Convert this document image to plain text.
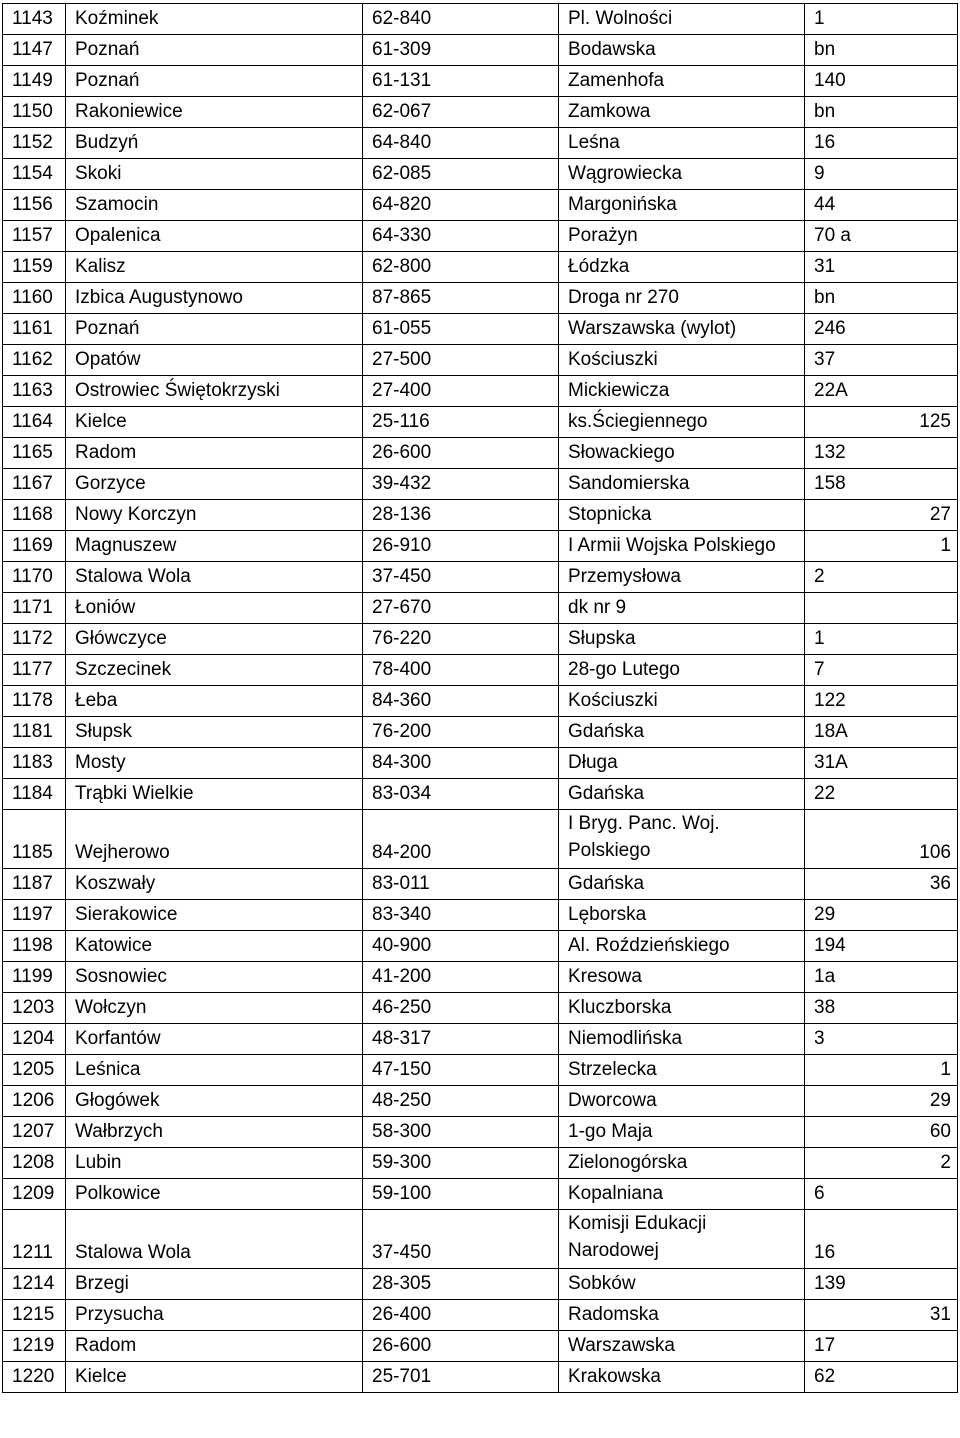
1143	Koźminek	62-840	Pl. Wolności	1
1147	Poznań	61-309	Bodawska	bn
1149	Poznań	61-131	Zamenhofa	140
1150	Rakoniewice	62-067	Zamkowa	bn
1152	Budzyń	64-840	Leśna	16
1154	Skoki	62-085	Wągrowiecka	9
1156	Szamocin	64-820	Margonińska	44
1157	Opalenica	64-330	Porażyn	70 a
1159	Kalisz	62-800	Łódzka	31
1160	Izbica Augustynowo	87-865	Droga nr 270	bn
1161	Poznań	61-055	Warszawska (wylot)	246
1162	Opatów	27-500	Kościuszki	37
1163	Ostrowiec Świętokrzyski	27-400	Mickiewicza	22A
1164	Kielce	25-116	ks.Ściegiennego	125
1165	Radom	26-600	Słowackiego	132
1167	Gorzyce	39-432	Sandomierska	158
1168	Nowy Korczyn	28-136	Stopnicka	27
1169	Magnuszew	26-910	I Armii Wojska Polskiego	1
1170	Stalowa Wola	37-450	Przemysłowa	2
1171	Łoniów	27-670	dk nr 9	
1172	Główczyce	76-220	Słupska	1
1177	Szczecinek	78-400	28-go Lutego	7
1178	Łeba	84-360	Kościuszki	122
1181	Słupsk	76-200	Gdańska	18A
1183	Mosty	84-300	Długa	31A
1184	Trąbki Wielkie	83-034	Gdańska	22
1185	Wejherowo	84-200	I Bryg. Panc. Woj. Polskiego	106
1187	Koszwały	83-011	Gdańska	36
1197	Sierakowice	83-340	Lęborska	29
1198	Katowice	40-900	Al. Roździeńskiego	194
1199	Sosnowiec	41-200	Kresowa	1a
1203	Wołczyn	46-250	Kluczborska	38
1204	Korfantów	48-317	Niemodlińska	3
1205	Leśnica	47-150	Strzelecka	1
1206	Głogówek	48-250	Dworcowa	29
1207	Wałbrzych	58-300	1-go Maja	60
1208	Lubin	59-300	Zielonogórska	2
1209	Polkowice	59-100	Kopalniana	6
1211	Stalowa Wola	37-450	Komisji Edukacji Narodowej	16
1214	Brzegi	28-305	Sobków	139
1215	Przysucha	26-400	Radomska	31
1219	Radom	26-600	Warszawska	17
1220	Kielce	25-701	Krakowska	62
